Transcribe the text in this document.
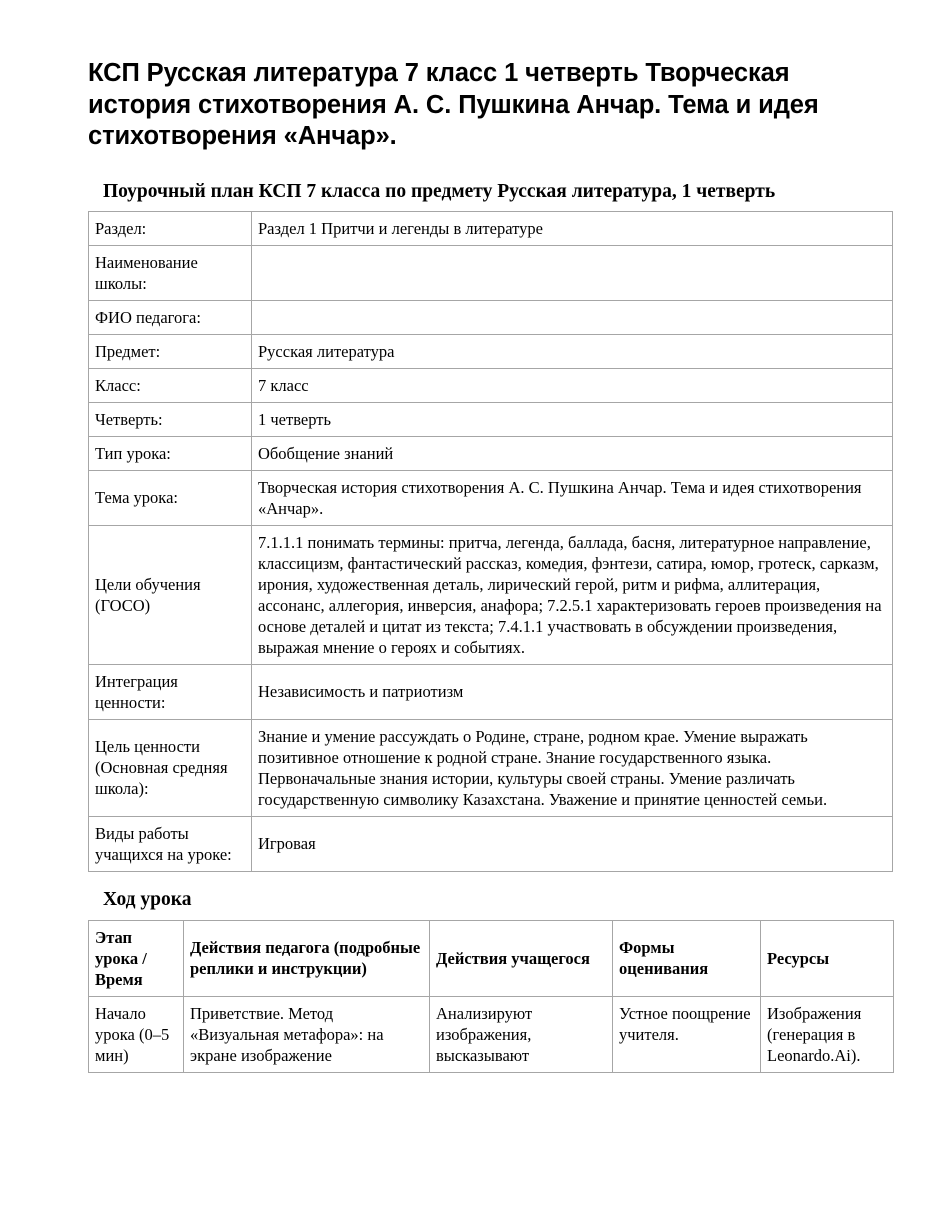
КСП Русская литература 7 класс 1 четверть Творческая история стихотворения А. С. Пушкина Анчар. Тема и идея стихотворения «Анчар».
Поурочный план КСП 7 класса по предмету Русская литература, 1 четверть
Раздел:	Раздел 1 Притчи и легенды в литературе
Наименование школы:	
ФИО педагога:	
Предмет:	Русская литература
Класс:	7 класс
Четверть:	1 четверть
Тип урока:	Обобщение знаний
Тема урока:	Творческая история стихотворения А. С. Пушкина Анчар. Тема и идея стихотворения «Анчар».
Цели обучения (ГОСО)	7.1.1.1 понимать термины: притча, легенда, баллада, басня, литературное направление, классицизм, фантастический рассказ, комедия, фэнтези, сатира, юмор, гротеск, сарказм, ирония, художественная деталь, лирический герой, ритм и рифма, аллитерация, ассонанс, аллегория, инверсия, анафора; 7.2.5.1 характеризовать героев произведения на основе деталей и цитат из текста; 7.4.1.1 участвовать в обсуждении произведения, выражая мнение о героях и событиях.
Интеграция ценности:	Независимость и патриотизм
Цель ценности (Основная средняя школа):	Знание и умение рассуждать о Родине, стране, родном крае. Умение выражать позитивное отношение к родной стране. Знание государственного языка. Первоначальные знания истории, культуры своей страны. Умение различать государственную символику Казахстана. Уважение и принятие ценностей семьи.
Виды работы учащихся на уроке:	Игровая
Ход урока
Этап урока / Время	Действия педагога (подробные реплики и инструкции)	Действия учащегося	Формы оценивания	Ресурсы
Начало урока (0–5 мин)	Приветствие. Метод «Визуальная метафора»: на экране изображение	Анализируют изображения, высказывают	Устное поощрение учителя.	Изображения (генерация в Leonardo.Ai).
